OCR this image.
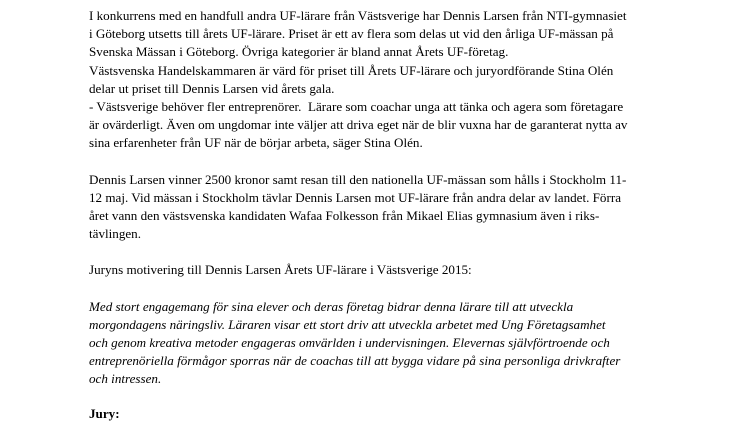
I konkurrens med en handfull andra UF-lärare från Västsverige har Dennis Larsen från NTI-gymnasiet
i Göteborg utsetts till årets UF-lärare. Priset är ett av flera som delas ut vid den årliga UF-mässan på
Svenska Mässan i Göteborg. Övriga kategorier är bland annat Årets UF-företag.
Västsvenska Handelskammaren är värd för priset till Årets UF-lärare och juryordförande Stina Olén
delar ut priset till Dennis Larsen vid årets gala.
- Västsverige behöver fler entreprenörer.  Lärare som coachar unga att tänka och agera som företagare
är ovärderligt. Även om ungdomar inte väljer att driva eget när de blir vuxna har de garanterat nytta av
sina erfarenheter från UF när de börjar arbeta, säger Stina Olén.
Dennis Larsen vinner 2500 kronor samt resan till den nationella UF-mässan som hålls i Stockholm 11-
12 maj. Vid mässan i Stockholm tävlar Dennis Larsen mot UF-lärare från andra delar av landet. Förra
året vann den västsvenska kandidaten Wafaa Folkesson från Mikael Elias gymnasium även i riks-
tävlingen.
Juryns motivering till Dennis Larsen Årets UF-lärare i Västsverige 2015:
Med stort engagemang för sina elever och deras företag bidrar denna lärare till att utveckla
morgondagens näringsliv. Läraren visar ett stort driv att utveckla arbetet med Ung Företagsamhet
och genom kreativa metoder engageras omvärlden i undervisningen. Elevernas självförtroende och
entreprenöriella förmågor sporras när de coachas till att bygga vidare på sina personliga drivkrafter
och intressen.
Jury:
